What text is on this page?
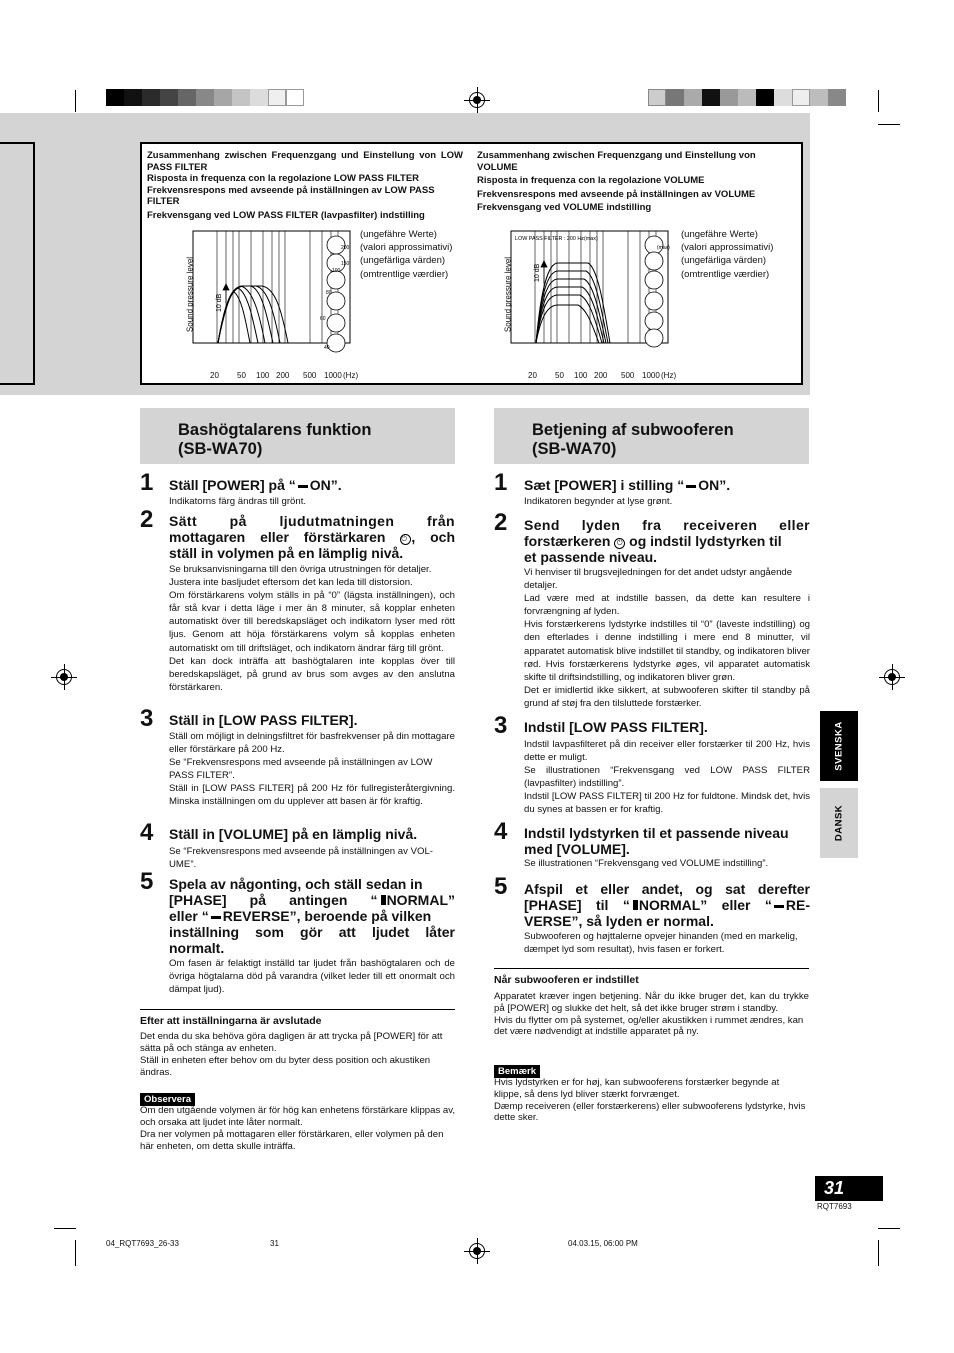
Zusammenhang zwischen Frequenzgang und Einstellung von LOW PASS FILTER
Risposta in frequenza con la regolazione LOW PASS FILTER
Frekvensrespons med avseende på inställningen av LOW PASS FILTER
Frekvensgang ved LOW PASS FILTER (lavpasfilter) indstilling
Zusammenhang zwischen Frequenzgang und Einstellung von VOLUME
Risposta in frequenza con la regolazione VOLUME
Frekvensrespons med avseende på inställningen av VOLUME
Frekvensgang ved VOLUME indstilling
(ungefähre Werte)
(valori approssimativi)
(ungefärliga värden)
(omtrentlige værdier)
(ungefähre Werte)
(valori approssimativi)
(ungefärliga värden)
(omtrentlige værdier)
200
150
100
80
60
40
10 dB
Sound pressure level
20 50 100 200 500 1000 (Hz)
(max)
LOW PASS FILTER : 200 Hz(max)
10 dB
Sound pressure level
20 50 100 200 500 1000 (Hz)
Bashögtalarens funktion
(SB-WA70)
1 Ställ [POWER] på “ ON”.

Indikatorns färg ändras till grönt.

2 Sätt på ljudutmatningen från
mottagaren eller förstärkaren ⏻ , och
ställ in volymen på en lämplig nivå.

Se bruksanvisningarna till den övriga utrustningen för detaljer.

Justera inte basljudet eftersom det kan leda till distorsion.

Om förstärkarens volym ställs in på “0” (lägsta inställningen), och får stå kvar i detta läge i mer än 8 minuter, så kopplar enheten automatiskt över till beredskapsläget och indikatorn lyser med rött ljus. Genom att höja förstärkarens volym så kopplas enheten automatiskt om till driftsläget, och indikatorn ändrar färg till grönt.

Det kan dock inträffa att bashögtalaren inte kopplas över till beredskapsläget, på grund av brus som avges av den anslutna förstärkaren.

3 Ställ in [LOW PASS FILTER].

Ställ om möjligt in delningsfiltret för basfrekvenser på din mottagare eller förstärkare på 200 Hz.

Se “Frekvensrespons med avseende på inställningen av LOW PASS FILTER”.

Ställ in [LOW PASS FILTER] på 200 Hz för fullregisteråtergivning. Minska inställningen om du upplever att basen är för kraftig.

4 Ställ in [VOLUME] på en lämplig nivå.

Se “Frekvensrespons med avseende på inställningen av VOL-UME”.

5 Spela av någonting, och ställ sedan in
[PHASE] på antingen “ NORMAL”
eller “ REVERSE”, beroende på vilken
inställning som gör att ljudet låter
normalt.

Om fasen är felaktigt inställd tar ljudet från bashögtalaren och de övriga högtalarna död på varandra (vilket leder till ett onormalt och dämpat ljud).

Efter att inställningarna är avslutade

Det enda du ska behöva göra dagligen är att trycka på [POWER] för att sätta på och stänga av enheten.

Ställ in enheten efter behov om du byter dess position och akustiken ändras.

Observera

Om den utgående volymen är för hög kan enhetens förstärkare klippas av, och orsaka att ljudet inte låter normalt.

Dra ner volymen på mottagaren eller förstärkaren, eller volymen på den här enheten, om detta skulle inträffa.

Betjening af subwooferen
(SB-WA70)
1 Sæt [POWER] i stilling “ ON”.

Indikatoren begynder at lyse grønt.

2 Send lyden fra receiveren eller
forstærkeren ⏻ og indstil lydstyrken til
et passende niveau.

Vi henviser til brugsvejledningen for det andet udstyr angående detaljer.

Lad være med at indstille bassen, da dette kan resultere i forvrængning af lyden.

Hvis forstærkerens lydstyrke indstilles til “0” (laveste indstilling) og den efterlades i denne indstilling i mere end 8 minutter, vil apparatet automatisk blive indstillet til standby, og indikatoren bliver rød. Hvis forstærkerens lydstyrke øges, vil apparatet automatisk skifte til driftsindstilling, og indikatoren bliver grøn.

Det er imidlertid ikke sikkert, at subwooferen skifter til standby på grund af støj fra den tilsluttede forstærker.

3 Indstil [LOW PASS FILTER].

Indstil lavpasfilteret på din receiver eller forstærker til 200 Hz, hvis dette er muligt.

Se illustrationen “Frekvensgang ved LOW PASS FILTER (lavpasfilter) indstilling”.

Indstil [LOW PASS FILTER] til 200 Hz for fuldtone. Mindsk det, hvis du synes at bassen er for kraftig.

4 Indstil lydstyrken til et passende niveau
med [VOLUME].

Se illustrationen “Frekvensgang ved VOLUME indstilling”.

5 Afspil et eller andet, og sat derefter
[PHASE] til “ NORMAL” eller “ RE-
VERSE”, så lyden er normal.

Subwooferen og højttalerne opvejer hinanden (med en markelig, dæmpet lyd som resultat), hvis fasen er forkert.

Når subwooferen er indstillet

Apparatet kræver ingen betjening. Når du ikke bruger det, kan du trykke på [POWER] og slukke det helt, så det ikke bruger strøm i standby.

Hvis du flytter om på systemet, og/eller akustikken i rummet ændres, kan det være nødvendigt at indstille apparatet på ny.

Bemærk

Hvis lydstyrken er for høj, kan subwooferens forstærker begynde at klippe, så dens lyd bliver stærkt forvrænget.

Dæmp receiveren (eller forstærkerens) eller subwooferens lydstyrke, hvis dette sker.

SVENSKA
DANSK
31
RQT7693
04_RQT7693_26-33	31	04.03.15, 06:00 PM
